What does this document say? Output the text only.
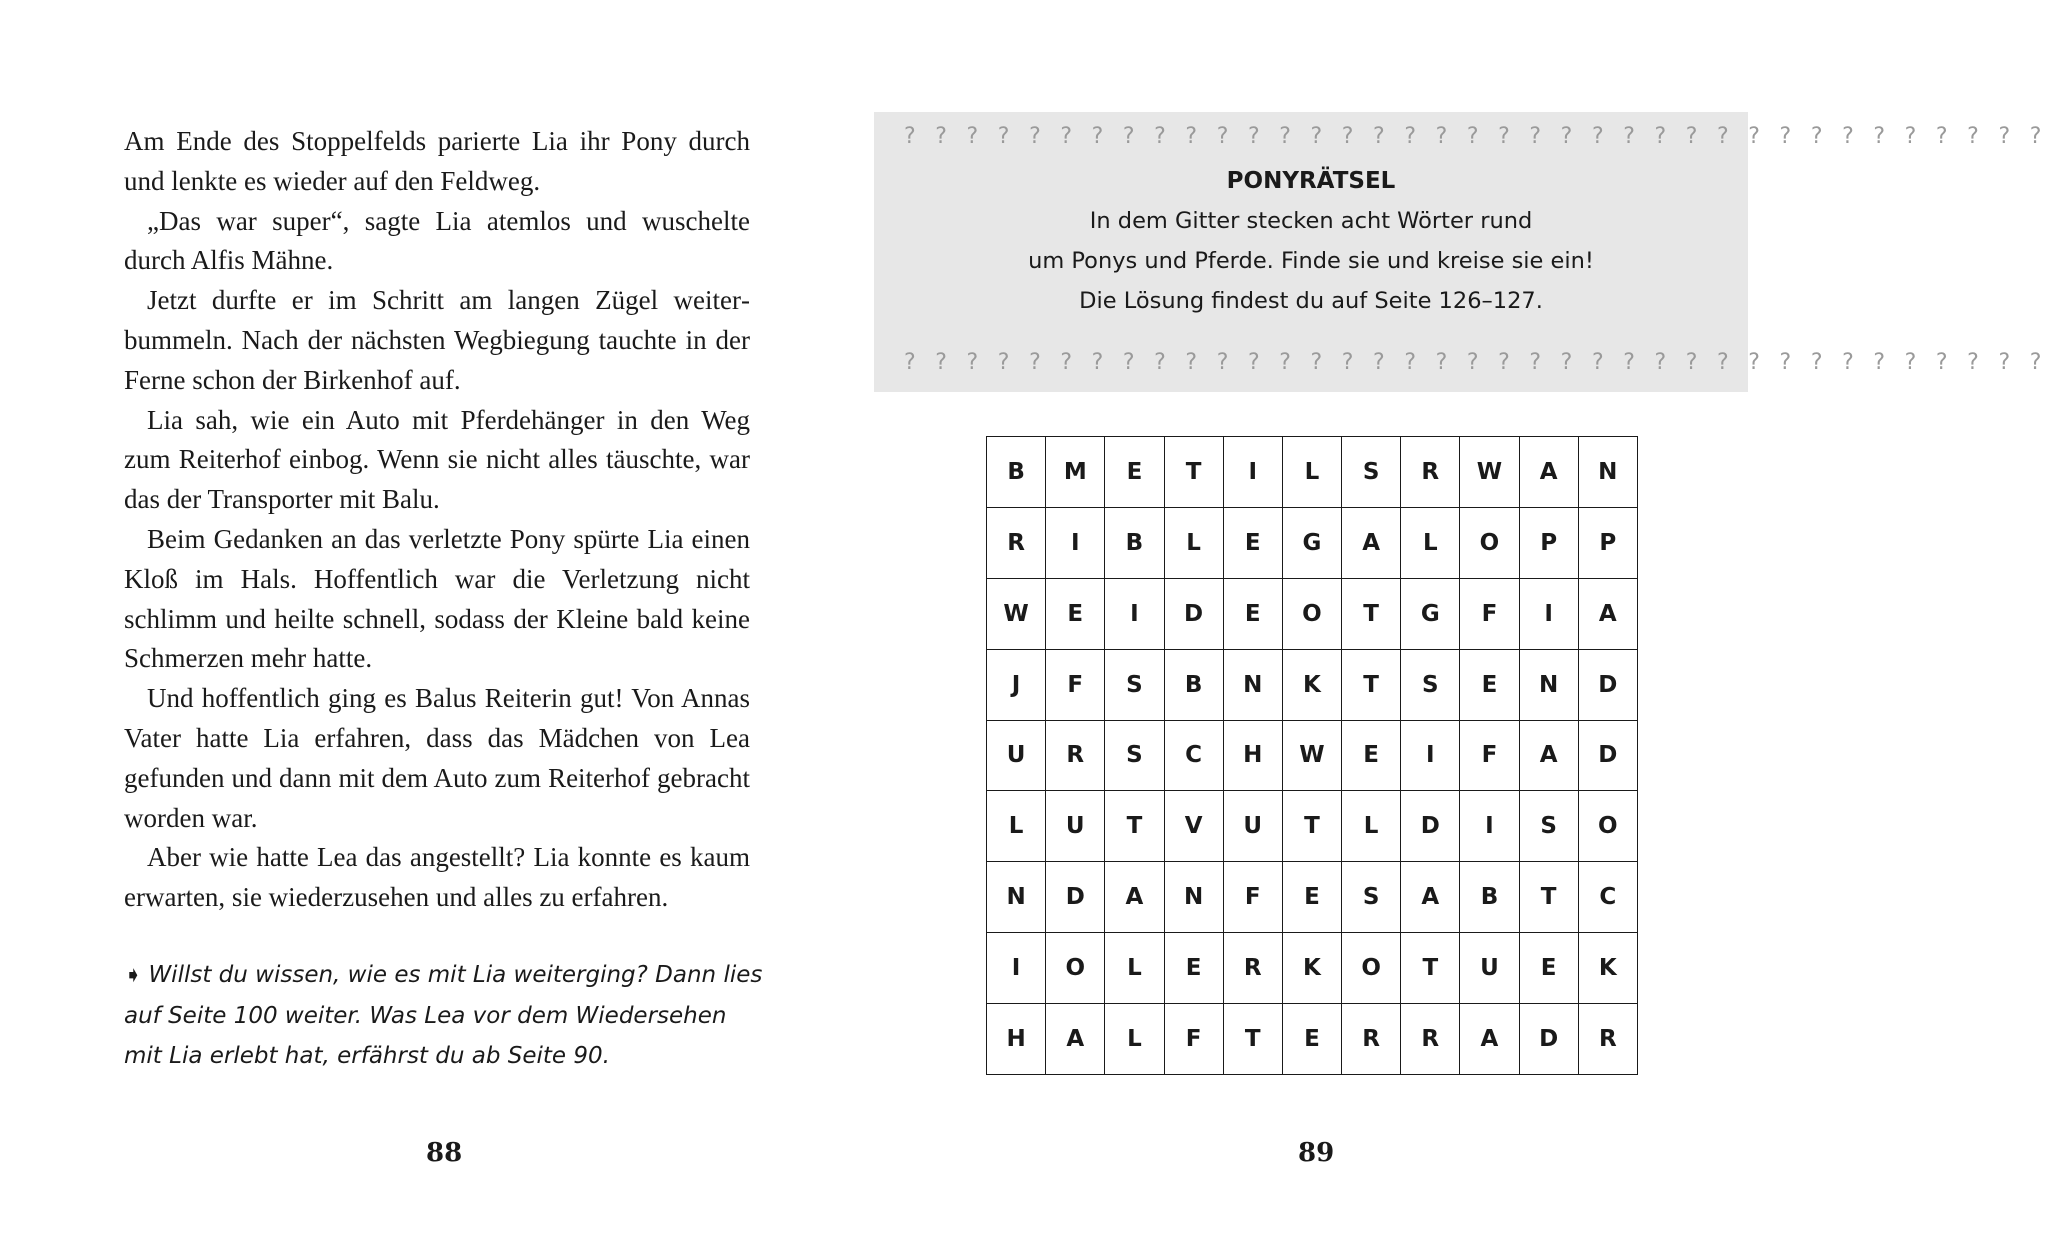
Am Ende des Stoppelfelds parierte Lia ihr Pony durch und lenkte es wieder auf den Feldweg.

„Das war super“, sagte Lia atemlos und wuschelte durch Alfis Mähne.

Jetzt durfte er im Schritt am langen Zügel weiterbummeln. Nach der nächsten Wegbiegung tauchte in der Ferne schon der Birkenhof auf.

Lia sah, wie ein Auto mit Pferdehänger in den Weg zum Reiterhof einbog. Wenn sie nicht alles täuschte, war das der Transporter mit Balu.

Beim Gedanken an das verletzte Pony spürte Lia einen Kloß im Hals. Hoffentlich war die Verletzung nicht schlimm und heilte schnell, sodass der Kleine bald keine Schmerzen mehr hatte.

Und hoffentlich ging es Balus Reiterin gut! Von Annas Vater hatte Lia erfahren, dass das Mädchen von Lea gefunden und dann mit dem Auto zum Reiterhof gebracht worden war.

Aber wie hatte Lea das angestellt? Lia konnte es kaum erwarten, sie wiederzusehen und alles zu erfahren.

➧ Willst du wissen, wie es mit Lia weiterging? Dann lies auf Seite 100 weiter. Was Lea vor dem Wiedersehen mit Lia erlebt hat, erfährst du ab Seite 90.
88
? ? ? ? ? ? ? ? ? ? ? ? ? ? ? ? ? ? ? ? ? ? ? ? ? ? ? ? ? ? ? ? ? ? ? ? ?
PONYRÄTSEL
In dem Gitter stecken acht Wörter rund
um Ponys und Pferde. Finde sie und kreise sie ein!
Die Lösung findest du auf Seite 126–127.
? ? ? ? ? ? ? ? ? ? ? ? ? ? ? ? ? ? ? ? ? ? ? ? ? ? ? ? ? ? ? ? ? ? ? ? ?
B	M	E	T	I	L	S	R	W	A	N
R	I	B	L	E	G	A	L	O	P	P
W	E	I	D	E	O	T	G	F	I	A
J	F	S	B	N	K	T	S	E	N	D
U	R	S	C	H	W	E	I	F	A	D
L	U	T	V	U	T	L	D	I	S	O
N	D	A	N	F	E	S	A	B	T	C
I	O	L	E	R	K	O	T	U	E	K
H	A	L	F	T	E	R	R	A	D	R
89
